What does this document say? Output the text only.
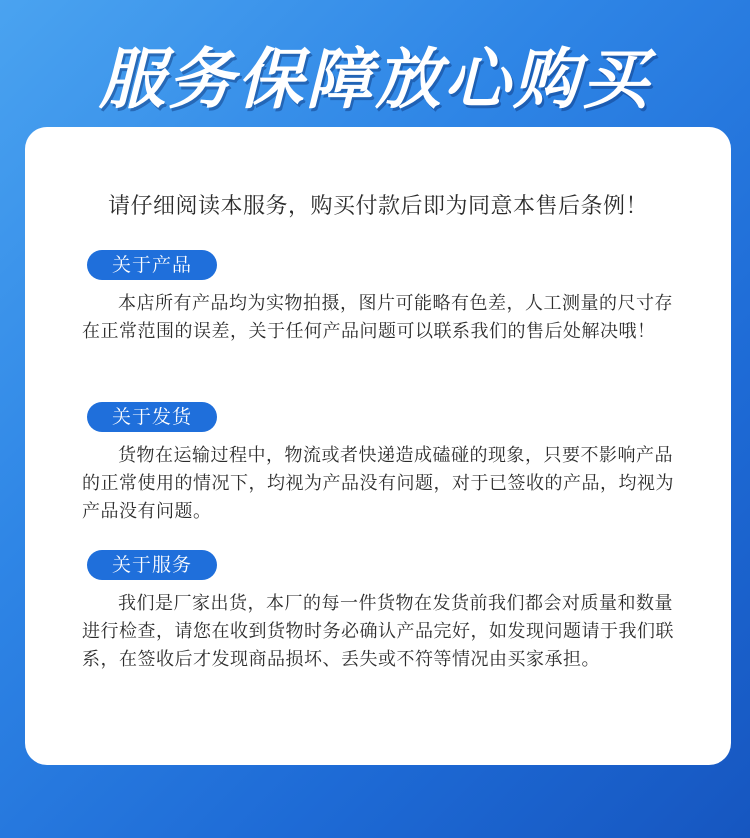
服务保障放心购买
请仔细阅读本服务，购买付款后即为同意本售后条例！
关于产品
本店所有产品均为实物拍摄，图片可能略有色差，人工测量的尺寸存在正常范围的误差，关于任何产品问题可以联系我们的售后处解决哦！
关于发货
货物在运输过程中，物流或者快递造成磕碰的现象，只要不影响产品的正常使用的情况下，均视为产品没有问题，对于已签收的产品，均视为产品没有问题。
关于服务
我们是厂家出货，本厂的每一件货物在发货前我们都会对质量和数量进行检查，请您在收到货物时务必确认产品完好，如发现问题请于我们联系，在签收后才发现商品损坏、丢失或不符等情况由买家承担。
